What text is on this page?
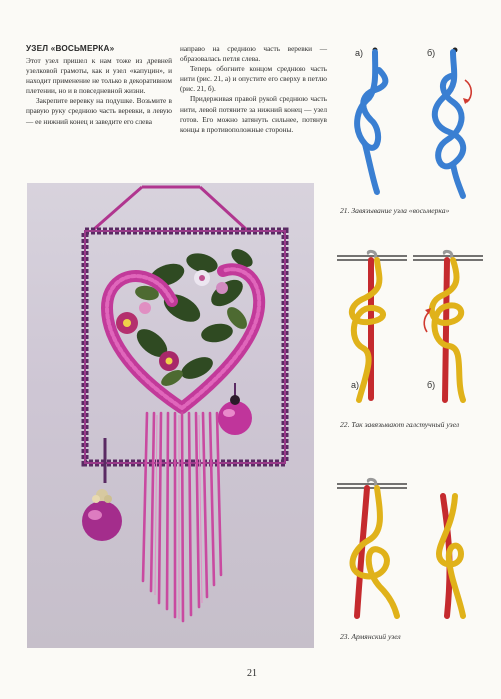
УЗЕЛ «ВОСЬМЕРКА»

Этот узел пришел к нам тоже из древней узелковой грамоты, как и узел «капуцин», и находит применение не только в декоративном плетении, но и в повседневной жизни.

Закрепите веревку на подушке. Возьмите в правую руку среднюю часть веревки, в левую — ее нижний конец и заведите его слева

направо на среднюю часть веревки — образовалась петля слева.

Теперь обогните концом среднюю часть нити (рис. 21, а) и опустите его сверху в петлю (рис. 21, б).

Придерживая правой рукой среднюю часть нити, левой потяните за нижний конец — узел готов. Его можно затянуть сильнее, потянув концы в противоположные стороны.

а)	б)
21. Завязывание узла «восьмерка»
а)	б)
22. Так завязывают галстучный узел
23. Армянский узел
21
